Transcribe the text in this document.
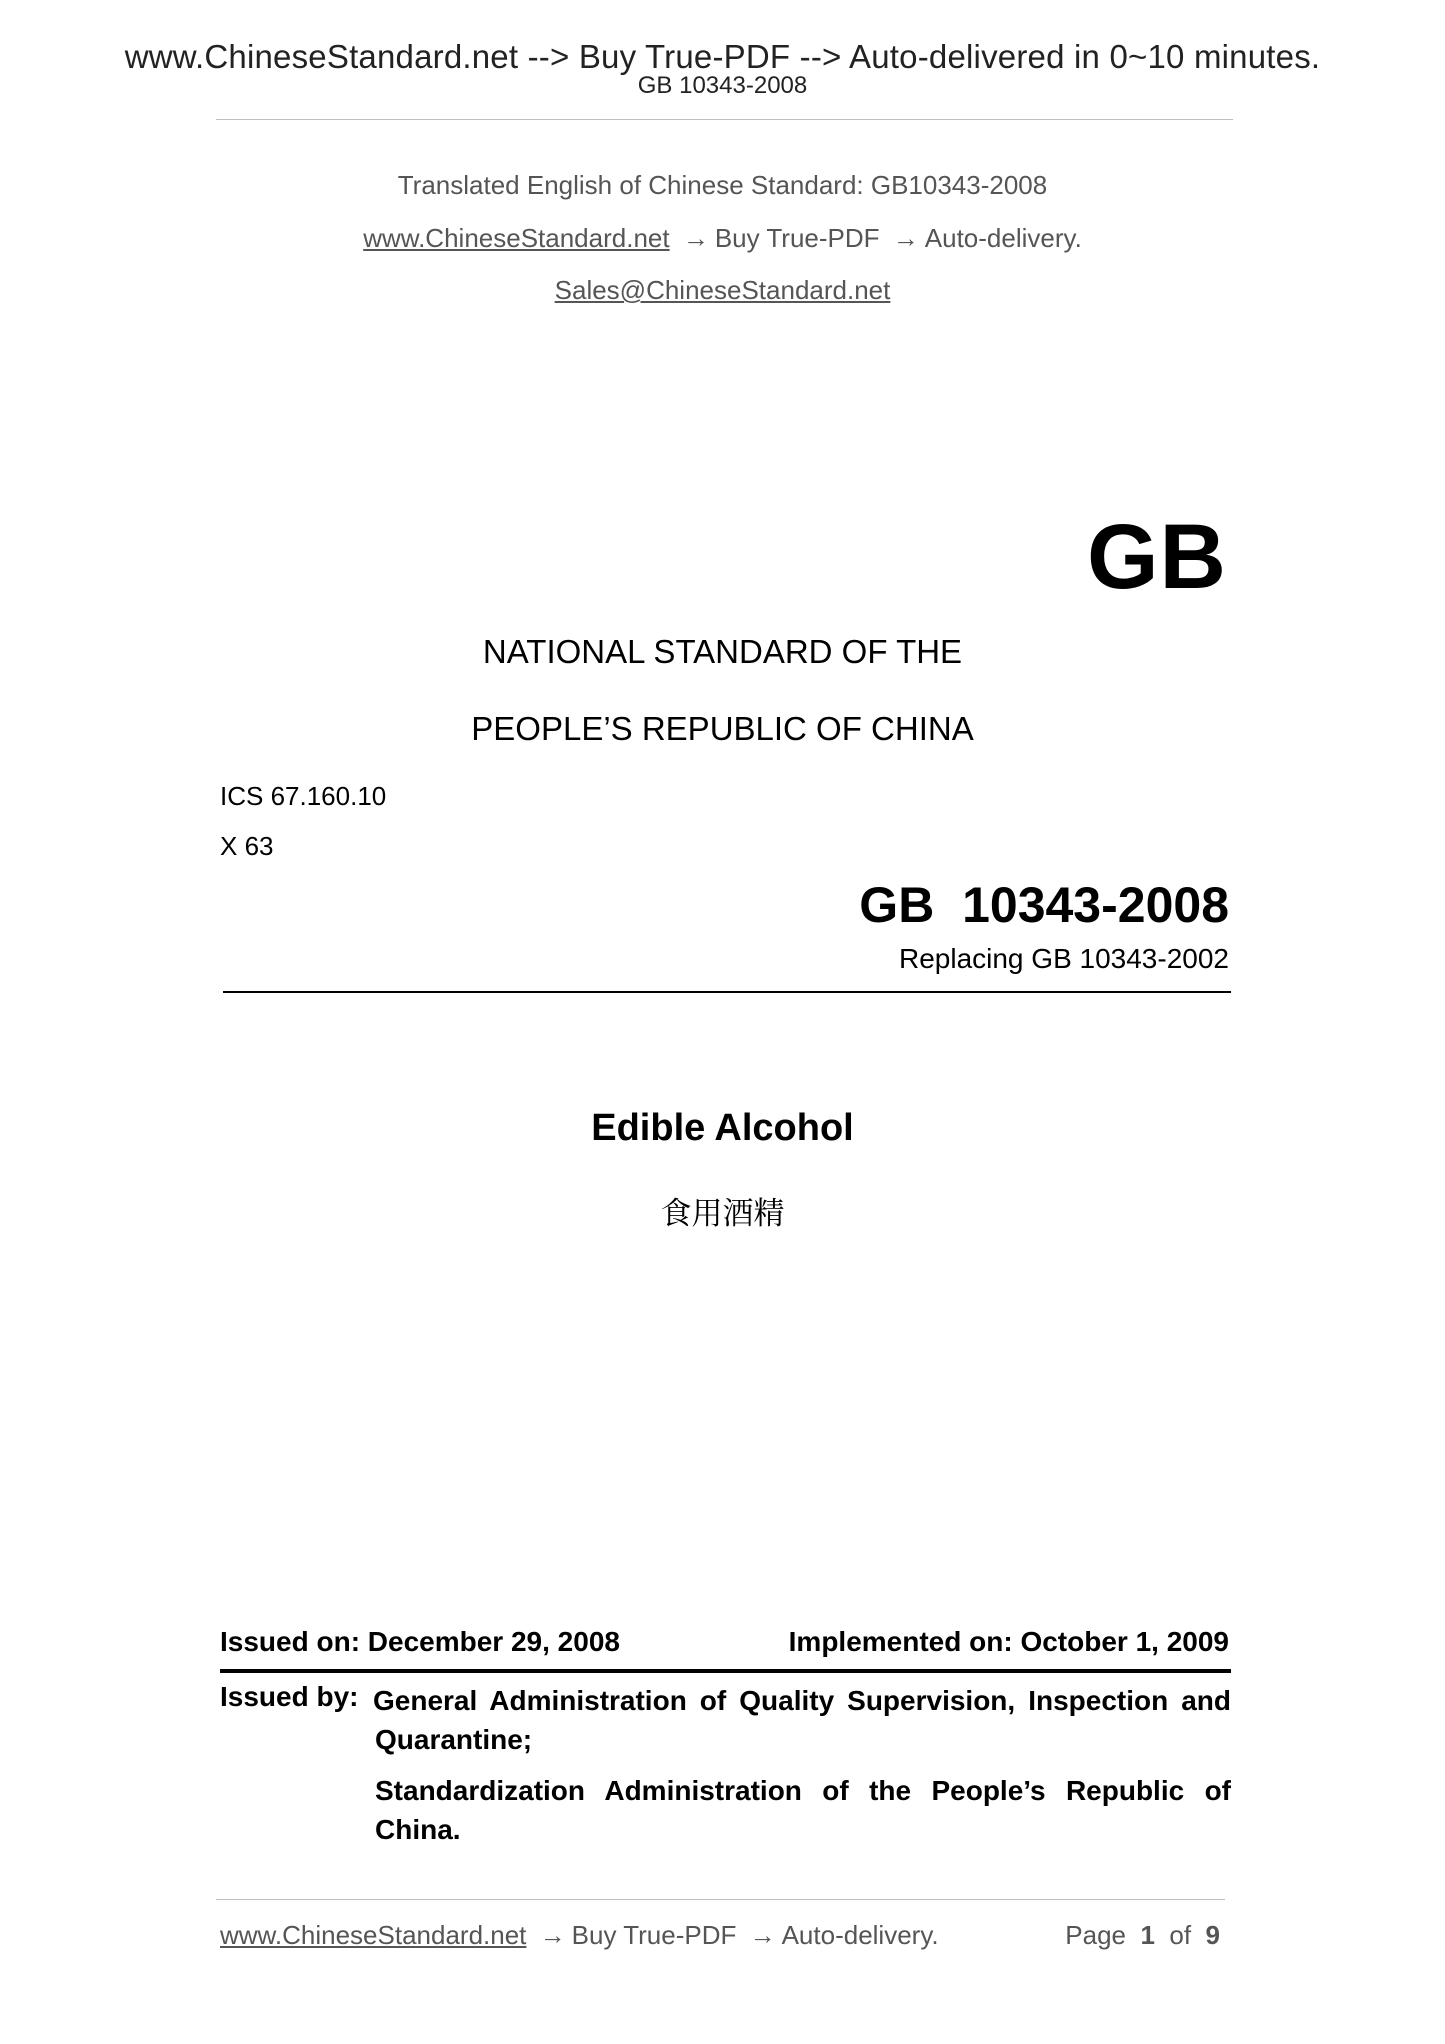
www.ChineseStandard.net --> Buy True-PDF --> Auto-delivered in 0~10 minutes.
GB 10343-2008
Translated English of Chinese Standard: GB10343-2008
www.ChineseStandard.net → Buy True-PDF → Auto-delivery.
Sales@ChineseStandard.net
GB
NATIONAL STANDARD OF THE
PEOPLE’S REPUBLIC OF CHINA
ICS 67.160.10
X 63
GB  10343-2008
Replacing GB 10343-2002
Edible Alcohol
食用酒精
Issued on: December 29, 2008	Implemented on: October 1, 2009
Issued by: General Administration of Quality Supervision, Inspection and
Quarantine;
Standardization Administration of the People’s Republic of
China.
www.ChineseStandard.net → Buy True-PDF → Auto-delivery.	Page 1 of 9
